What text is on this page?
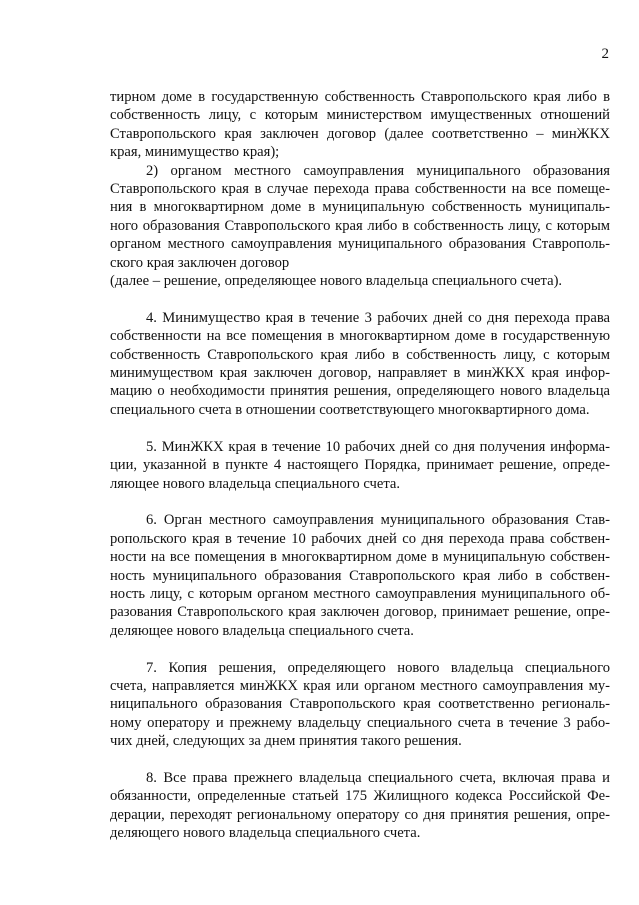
2
тирном доме в государственную собственность Ставропольского края либо в
собственность лицу, с которым министерством имущественных отношений
Ставропольского края заключен договор (далее соответственно – минЖКХ
края, минимущество края);
2) органом местного самоуправления муниципального образования
Ставропольского края в случае перехода права собственности на все помеще-
ния в многоквартирном доме в муниципальную собственность муниципаль-
ного образования Ставропольского края либо в собственность лицу, с которым
органом местного самоуправления муниципального образования Ставрополь-
ского края заключен договор
(далее – решение, определяющее нового владельца специального счета).
4. Минимущество края в течение 3 рабочих дней со дня перехода права
собственности на все помещения в многоквартирном доме в государственную
собственность Ставропольского края либо в собственность лицу, с которым
минимуществом края заключен договор, направляет в минЖКХ края инфор-
мацию о необходимости принятия решения, определяющего нового владельца
специального счета в отношении соответствующего многоквартирного дома.
5. МинЖКХ края в течение 10 рабочих дней со дня получения информа-
ции, указанной в пункте 4 настоящего Порядка, принимает решение, опреде-
ляющее нового владельца специального счета.
6. Орган местного самоуправления муниципального образования Став-
ропольского края в течение 10 рабочих дней со дня перехода права собствен-
ности на все помещения в многоквартирном доме в муниципальную собствен-
ность муниципального образования Ставропольского края либо в собствен-
ность лицу, с которым органом местного самоуправления муниципального об-
разования Ставропольского края заключен договор, принимает решение, опре-
деляющее нового владельца специального счета.
7. Копия решения, определяющего нового владельца специального
счета, направляется минЖКХ края или органом местного самоуправления му-
ниципального образования Ставропольского края соответственно региональ-
ному оператору и прежнему владельцу специального счета в течение 3 рабо-
чих дней, следующих за днем принятия такого решения.
8. Все права прежнего владельца специального счета, включая права и
обязанности, определенные статьей 175 Жилищного кодекса Российской Фе-
дерации, переходят региональному оператору со дня принятия решения, опре-
деляющего нового владельца специального счета.
